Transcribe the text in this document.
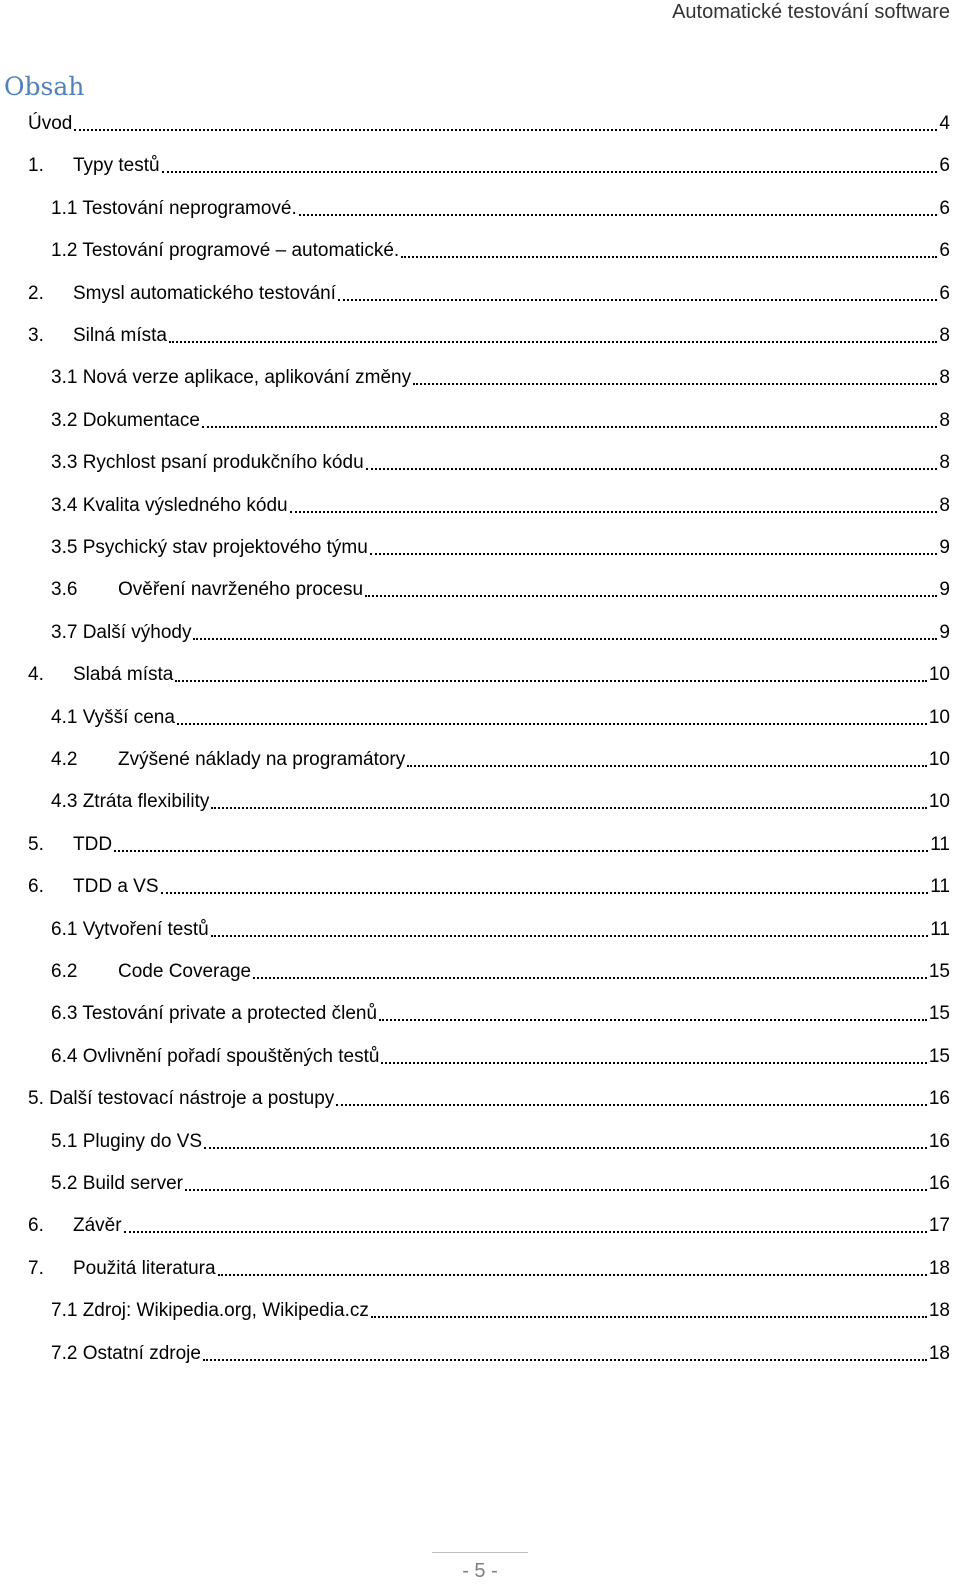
Automatické testování software
Obsah
Úvod	4
1.	Typy testů	6
1.1 Testování neprogramové.	6
1.2 Testování programové – automatické.	6
2.	Smysl automatického testování	6
3.	Silná místa	8
3.1 Nová verze aplikace, aplikování změny	8
3.2 Dokumentace	8
3.3 Rychlost psaní produkčního kódu	8
3.4 Kvalita výsledného kódu	8
3.5 Psychický stav projektového týmu	9
3.6	Ověření navrženého procesu	9
3.7 Další výhody	9
4.	Slabá místa	10
4.1 Vyšší cena	10
4.2	Zvýšené náklady na programátory	10
4.3 Ztráta flexibility	10
5.	TDD	11
6.	TDD a VS	11
6.1 Vytvoření testů	11
6.2	Code Coverage	15
6.3 Testování private a protected členů	15
6.4 Ovlivnění pořadí spouštěných testů	15
5. Další testovací nástroje a postupy	16
5.1 Pluginy do VS	16
5.2 Build server	16
6.	Závěr	17
7.	Použitá literatura	18
7.1 Zdroj: Wikipedia.org, Wikipedia.cz	18
7.2 Ostatní zdroje	18
- 5 -
